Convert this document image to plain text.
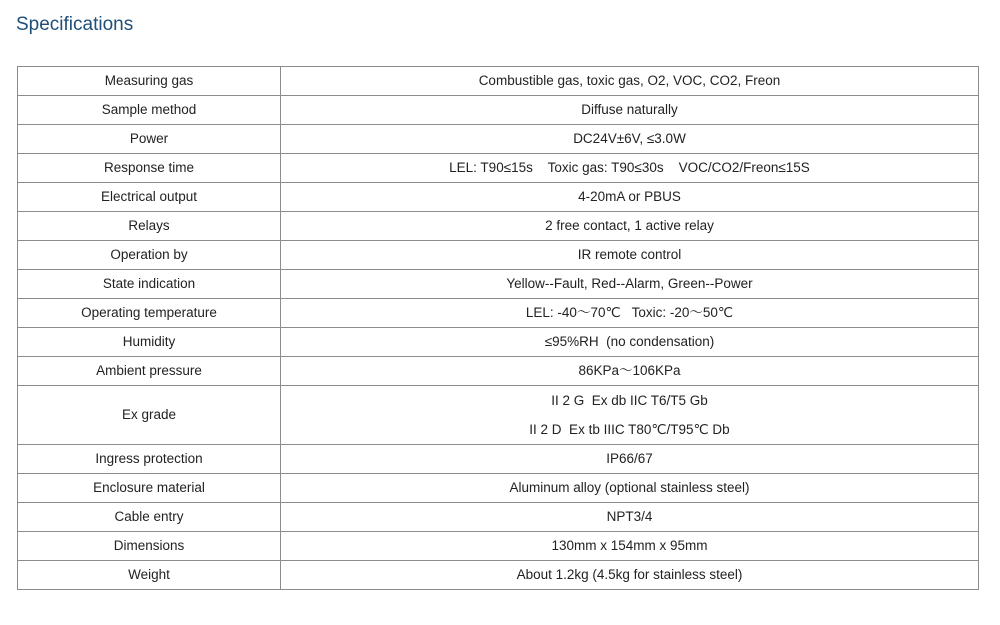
Specifications
Measuring gas	Combustible gas, toxic gas, O2, VOC, CO2, Freon
Sample method	Diffuse naturally
Power	DC24V±6V, ≤3.0W
Response time	LEL: T90≤15s    Toxic gas: T90≤30s    VOC/CO2/Freon≤15S
Electrical output	4-20mA or PBUS
Relays	2 free contact, 1 active relay
Operation by	IR remote control
State indication	Yellow--Fault, Red--Alarm, Green--Power
Operating temperature	LEL: -40～70℃   Toxic: -20～50℃
Humidity	≤95%RH  (no condensation)
Ambient pressure	86KPa～106KPa
Ex grade	II 2 G  Ex db IIC T6/T5 Gb
II 2 D  Ex tb IIIC T80℃/T95℃ Db

Ingress protection	IP66/67
Enclosure material	Aluminum alloy (optional stainless steel)
Cable entry	NPT3/4
Dimensions	130mm x 154mm x 95mm
Weight	About 1.2kg (4.5kg for stainless steel)
